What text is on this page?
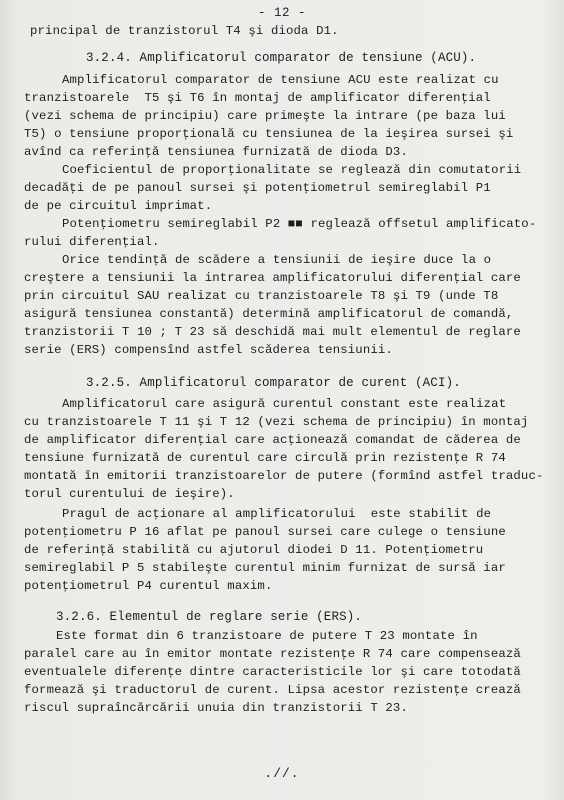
- 12 -
principal de tranzistorul T4 şi dioda D1.
3.2.4. Amplificatorul comparator de tensiune (ACU).
Amplificatorul comparator de tensiune ACU este realizat cu
tranzistoarele  T5 şi T6 în montaj de amplificator diferenţial
(vezi schema de principiu) care primeşte la intrare (pe baza lui
T5) o tensiune proporţională cu tensiunea de la ieşirea sursei şi
avînd ca referinţă tensiunea furnizată de dioda D3.
Coeficientul de proporţionalitate se reglează din comutatorii
decadăţi de pe panoul sursei şi potenţiometrul semireglabil P1
de pe circuitul imprimat.
Potenţiometru semireglabil P2 ■■ reglează offsetul amplificato-
rului diferenţial.
Orice tendinţă de scădere a tensiunii de ieşire duce la o
creştere a tensiunii la intrarea amplificatorului diferenţial care
prin circuitul SAU realizat cu tranzistoarele T8 şi T9 (unde T8
asigură tensiunea constantă) determină amplificatorul de comandă,
tranzistorii T 10 ; T 23 să deschidă mai mult elementul de reglare
serie (ERS) compensînd astfel scăderea tensiunii.
3.2.5. Amplificatorul comparator de curent (ACI).
Amplificatorul care asigură curentul constant este realizat
cu tranzistoarele T 11 şi T 12 (vezi schema de principiu) în montaj
de amplificator diferenţial care acţionează comandat de căderea de
tensiune furnizată de curentul care circulă prin rezistenţe R 74
montată în emitorii tranzistoarelor de putere (formînd astfel traduc-
torul curentului de ieşire).
Pragul de acţionare al amplificatorului  este stabilit de
potenţiometru P 16 aflat pe panoul sursei care culege o tensiune
de referinţă stabilită cu ajutorul diodei D 11. Potenţiometru
semireglabil P 5 stabileşte curentul minim furnizat de sursă iar
potenţiometrul P4 curentul maxim.
3.2.6. Elementul de reglare serie (ERS).
Este format din 6 tranzistoare de putere T 23 montate în
paralel care au în emitor montate rezistenţe R 74 care compensează
eventualele diferenţe dintre caracteristicile lor şi care totodată
formează şi traductorul de curent. Lipsa acestor rezistenţe crează
riscul supraîncărcării unuia din tranzistorii T 23.
.//.
